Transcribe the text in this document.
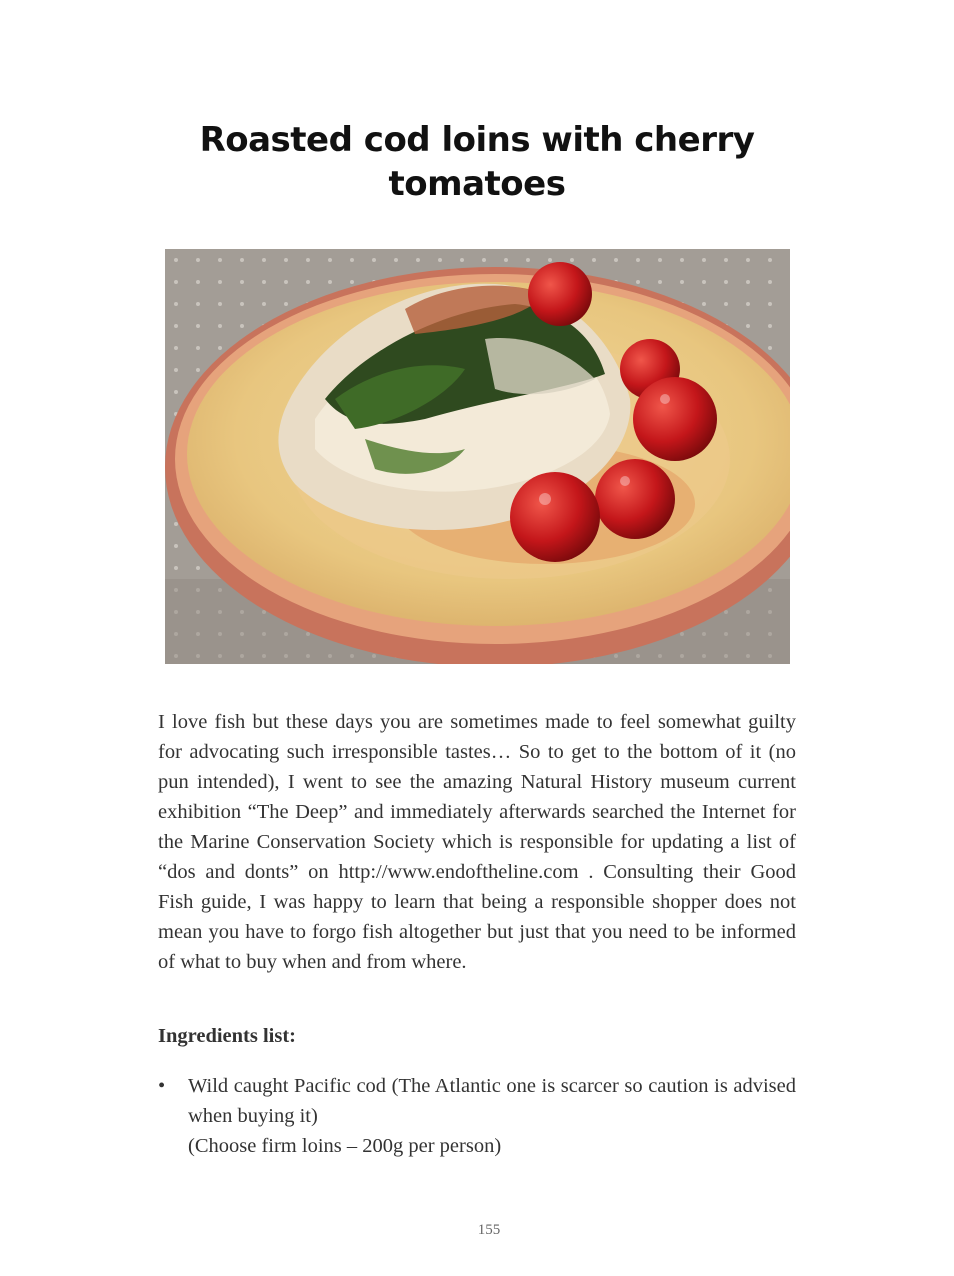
Roasted cod loins with cherry tomatoes
I love fish but these days you are sometimes made to feel somewhat guilty for advocating such irresponsible tastes… So to get to the bottom of it (no pun intended), I went to see the amazing Natural History museum current exhibition “The Deep” and immediately afterwards searched the Internet for the Marine Conservation Society which is responsible for updating a list of “dos and donts” on http://www.endoftheline.com . Consulting their Good Fish guide, I was happy to learn that being a responsible shopper does not mean you have to forgo fish altogether but just that you need to be informed of what to buy when and from where.
Ingredients list:
• Wild caught Pacific cod (The Atlantic one is scarcer so caution is advised when buying it)
(Choose firm loins – 200g per person)
155
